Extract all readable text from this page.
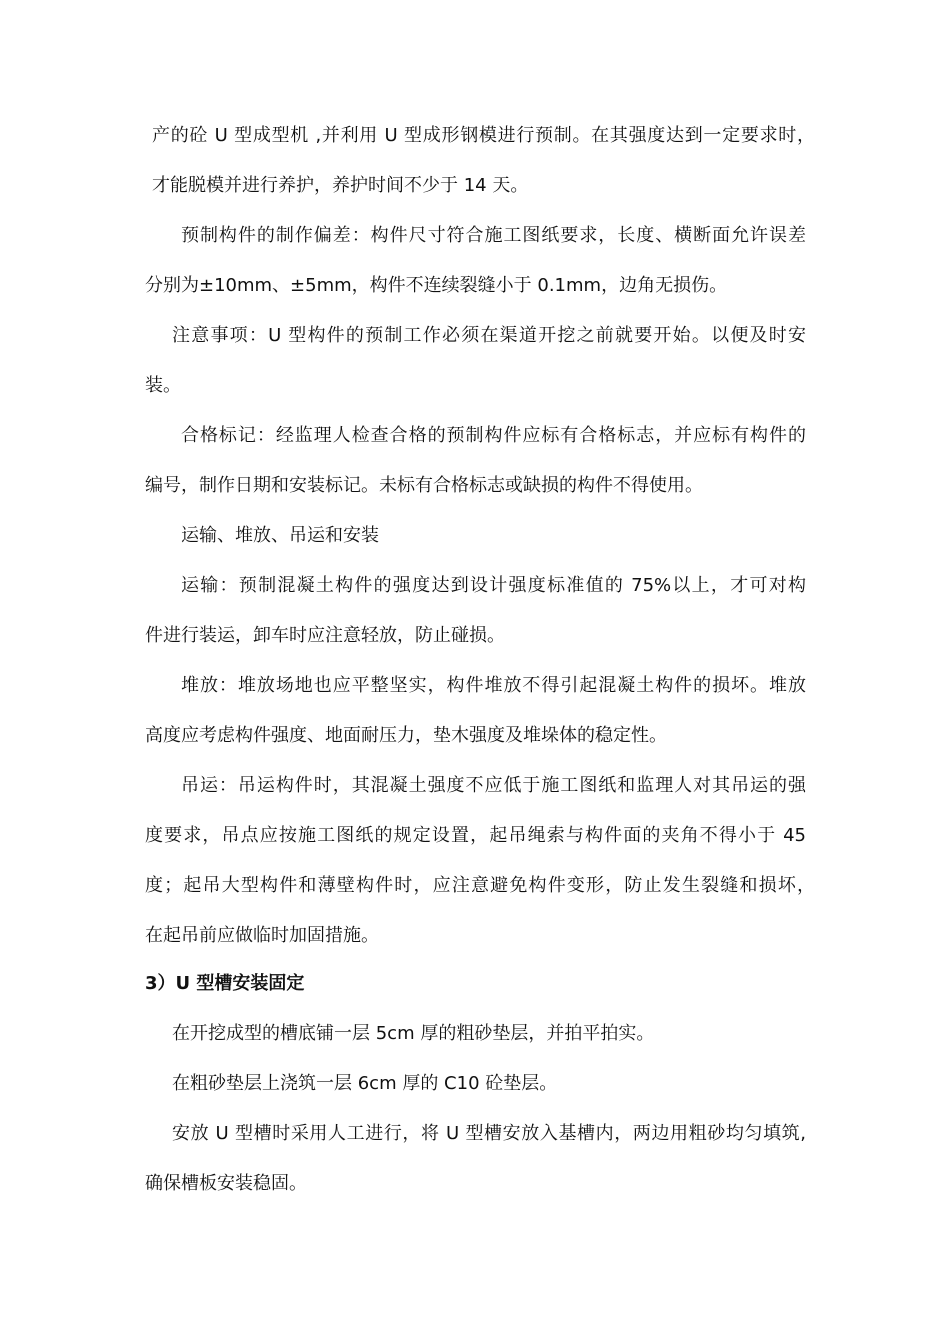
产的砼 U 型成型机 ,并利用 U 型成形钢模进行预制。在其强度达到一定要求时，
才能脱模并进行养护，养护时间不少于 14 天。
预制构件的制作偏差：构件尺寸符合施工图纸要求，长度、横断面允许误差
分别为±10mm、±5mm，构件不连续裂缝小于 0.1mm，边角无损伤。
注意事项：U 型构件的预制工作必须在渠道开挖之前就要开始。以便及时安
装。
合格标记：经监理人检查合格的预制构件应标有合格标志，并应标有构件的
编号，制作日期和安装标记。未标有合格标志或缺损的构件不得使用。
运输、堆放、吊运和安装
运输：预制混凝土构件的强度达到设计强度标准值的 75%以上，才可对构
件进行装运，卸车时应注意轻放，防止碰损。
堆放：堆放场地也应平整坚实，构件堆放不得引起混凝土构件的损坏。堆放
高度应考虑构件强度、地面耐压力，垫木强度及堆垛体的稳定性。
吊运：吊运构件时，其混凝土强度不应低于施工图纸和监理人对其吊运的强
度要求，吊点应按施工图纸的规定设置，起吊绳索与构件面的夹角不得小于 45
度；起吊大型构件和薄壁构件时，应注意避免构件变形，防止发生裂缝和损坏，
在起吊前应做临时加固措施。
3）U 型槽安装固定
在开挖成型的槽底铺一层 5cm 厚的粗砂垫层，并拍平拍实。
在粗砂垫层上浇筑一层 6cm 厚的 C10 砼垫层。
安放 U 型槽时采用人工进行，将 U 型槽安放入基槽内，两边用粗砂均匀填筑,
确保槽板安装稳固。
